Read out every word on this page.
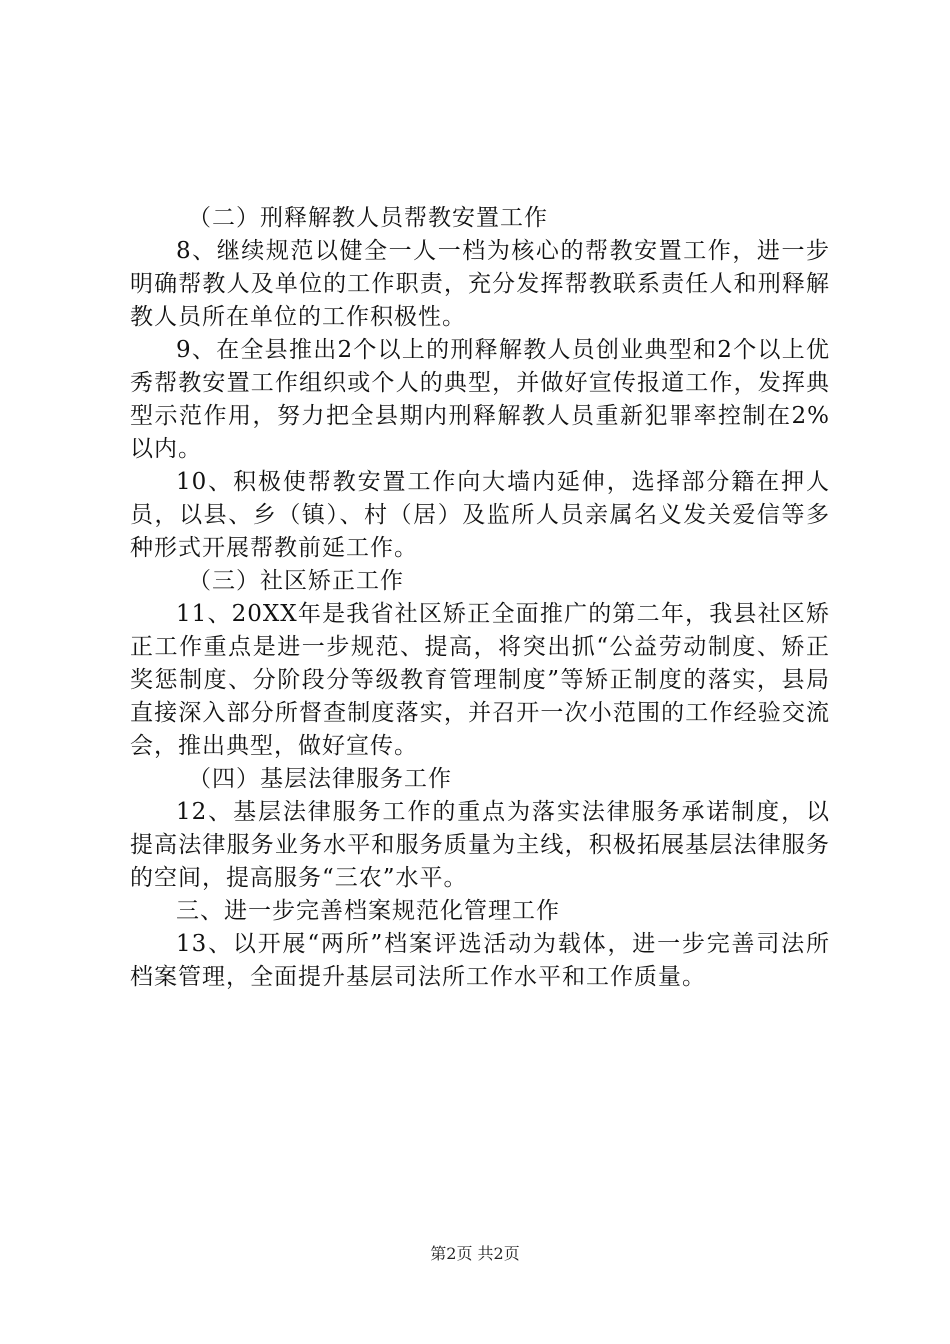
（二）刑释解教人员帮教安置工作

8、继续规范以健全一人一档为核心的帮教安置工作，进一步明确帮教人及单位的工作职责，充分发挥帮教联系责任人和刑释解教人员所在单位的工作积极性。

9、在全县推出2个以上的刑释解教人员创业典型和2个以上优秀帮教安置工作组织或个人的典型，并做好宣传报道工作，发挥典型示范作用，努力把全县期内刑释解教人员重新犯罪率控制在2%以内。

10、积极使帮教安置工作向大墙内延伸，选择部分籍在押人员，以县、乡（镇）、村（居）及监所人员亲属名义发关爱信等多种形式开展帮教前延工作。

（三）社区矫正工作

11、20XX年是我省社区矫正全面推广的第二年，我县社区矫正工作重点是进一步规范、提高，将突出抓“公益劳动制度、矫正奖惩制度、分阶段分等级教育管理制度”等矫正制度的落实，县局直接深入部分所督查制度落实，并召开一次小范围的工作经验交流会，推出典型，做好宣传。

（四）基层法律服务工作

12、基层法律服务工作的重点为落实法律服务承诺制度，以提高法律服务业务水平和服务质量为主线，积极拓展基层法律服务的空间，提高服务“三农”水平。

三、进一步完善档案规范化管理工作

13、以开展“两所”档案评选活动为载体，进一步完善司法所档案管理，全面提升基层司法所工作水平和工作质量。

第2页 共2页
